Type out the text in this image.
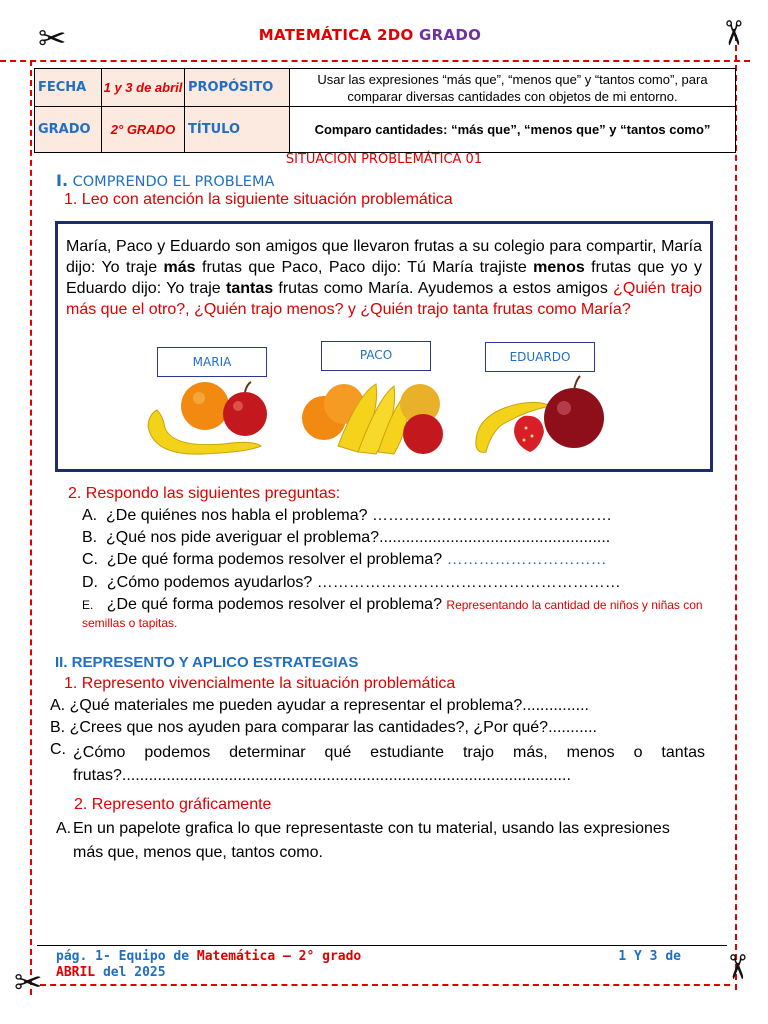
✂	✂
✂	✂
MATEMÁTICA 2DO GRADO
FECHA	1 y 3 de abril	PROPÓSITO	Usar las expresiones “más que”, “menos que” y “tantos como”, para comparar diversas cantidades con objetos de mi entorno.
GRADO	2° GRADO	TÍTULO	Comparo cantidades: “más que”, “menos que” y “tantos como”
SITUACION PROBLEMÁTICA 01
I. COMPRENDO EL PROBLEMA
1. Leo con atención la siguiente situación problemática
María, Paco y Eduardo son amigos que llevaron frutas a su colegio para compartir, María dijo: Yo traje más frutas que Paco, Paco dijo: Tú María trajiste menos frutas que yo y Eduardo dijo: Yo traje tantas frutas como María. Ayudemos a estos amigos ¿Quién trajo más que el otro?, ¿Quién trajo menos? y ¿Quién trajo tanta frutas como María?
MARIA	PACO	EDUARDO
2. Respondo las siguientes preguntas:
A. ¿De quiénes nos habla el problema? ………………………………………
B. ¿Qué nos pide averiguar el problema?....................................................
C. ¿De qué forma podemos resolver el problema? …………………………
D. ¿Cómo podemos ayudarlos? …………………………………………………
E. ¿De qué forma podemos resolver el problema? Representando la cantidad de niños y niñas con semillas o tapitas.
II. REPRESENTO Y APLICO ESTRATEGIAS
1. Represento vivencialmente la situación problemática
A. ¿Qué materiales me pueden ayudar a representar el problema?...............
B. ¿Crees que nos ayuden para comparar las cantidades?, ¿Por qué?...........
C. ¿Cómo podemos determinar qué estudiante trajo más, menos o tantas frutas?.....................................................................................................
2. Represento gráficamente
A. En un papelote grafica lo que representaste con tu material, usando las expresiones más que, menos que, tantos como.
pág. 1- Equipo de Matemática – 2° grado	1 Y 3 de
ABRIL del 2025
